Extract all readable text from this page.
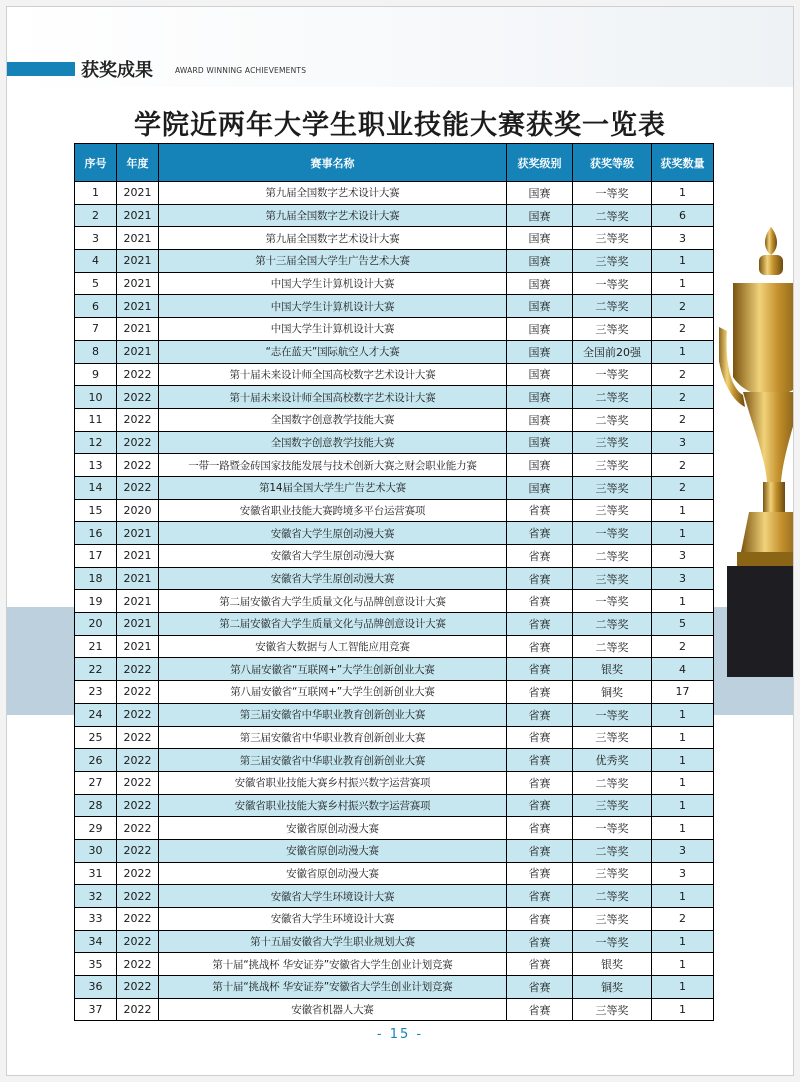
获奖成果	AWARD WINNING ACHIEVEMENTS
学院近两年大学生职业技能大赛获奖一览表
- 15 -
序号	年度	赛事名称	获奖级别	获奖等级	获奖数量
1	2021	第九届全国数字艺术设计大赛	国赛	一等奖	1
2	2021	第九届全国数字艺术设计大赛	国赛	二等奖	6
3	2021	第九届全国数字艺术设计大赛	国赛	三等奖	3
4	2021	第十三届全国大学生广告艺术大赛	国赛	三等奖	1
5	2021	中国大学生计算机设计大赛	国赛	一等奖	1
6	2021	中国大学生计算机设计大赛	国赛	二等奖	2
7	2021	中国大学生计算机设计大赛	国赛	三等奖	2
8	2021	“志在蓝天”国际航空人才大赛	国赛	全国前20强	1
9	2022	第十届未来设计师全国高校数字艺术设计大赛	国赛	一等奖	2
10	2022	第十届未来设计师全国高校数字艺术设计大赛	国赛	二等奖	2
11	2022	全国数字创意教学技能大赛	国赛	二等奖	2
12	2022	全国数字创意教学技能大赛	国赛	三等奖	3
13	2022	一带一路暨金砖国家技能发展与技术创新大赛之财会职业能力赛	国赛	三等奖	2
14	2022	第14届全国大学生广告艺术大赛	国赛	三等奖	2
15	2020	安徽省职业技能大赛跨境多平台运营赛项	省赛	三等奖	1
16	2021	安徽省大学生原创动漫大赛	省赛	一等奖	1
17	2021	安徽省大学生原创动漫大赛	省赛	二等奖	3
18	2021	安徽省大学生原创动漫大赛	省赛	三等奖	3
19	2021	第二届安徽省大学生质量文化与品牌创意设计大赛	省赛	一等奖	1
20	2021	第二届安徽省大学生质量文化与品牌创意设计大赛	省赛	二等奖	5
21	2021	安徽省大数据与人工智能应用竞赛	省赛	二等奖	2
22	2022	第八届安徽省“互联网+”大学生创新创业大赛	省赛	银奖	4
23	2022	第八届安徽省“互联网+”大学生创新创业大赛	省赛	铜奖	17
24	2022	第三届安徽省中华职业教育创新创业大赛	省赛	一等奖	1
25	2022	第三届安徽省中华职业教育创新创业大赛	省赛	三等奖	1
26	2022	第三届安徽省中华职业教育创新创业大赛	省赛	优秀奖	1
27	2022	安徽省职业技能大赛乡村振兴数字运营赛项	省赛	二等奖	1
28	2022	安徽省职业技能大赛乡村振兴数字运营赛项	省赛	三等奖	1
29	2022	安徽省原创动漫大赛	省赛	一等奖	1
30	2022	安徽省原创动漫大赛	省赛	二等奖	3
31	2022	安徽省原创动漫大赛	省赛	三等奖	3
32	2022	安徽省大学生环境设计大赛	省赛	二等奖	1
33	2022	安徽省大学生环境设计大赛	省赛	三等奖	2
34	2022	第十五届安徽省大学生职业规划大赛	省赛	一等奖	1
35	2022	第十届“挑战杯 华安证券”安徽省大学生创业计划竞赛	省赛	银奖	1
36	2022	第十届“挑战杯 华安证券”安徽省大学生创业计划竞赛	省赛	铜奖	1
37	2022	安徽省机器人大赛	省赛	三等奖	1
